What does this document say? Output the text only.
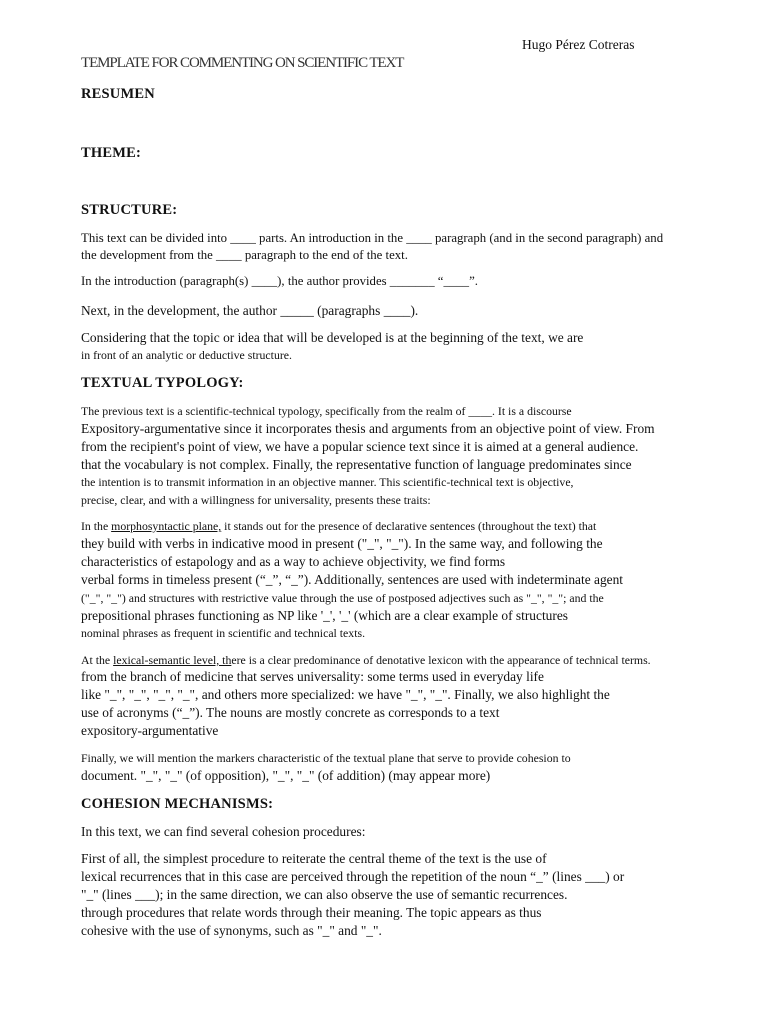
Hugo Pérez Cotreras
TEMPLATE FOR COMMENTING ON SCIENTIFIC TEXT
RESUMEN
THEME:
STRUCTURE:
This text can be divided into ____ parts. An introduction in the ____ paragraph (and in the second paragraph) and
the development from the ____ paragraph to the end of the text.
In the introduction (paragraph(s) ____), the author provides _______ “____”.
Next, in the development, the author _____ (paragraphs ____).
Considering that the topic or idea that will be developed is at the beginning of the text, we are
in front of an analytic or deductive structure.
TEXTUAL TYPOLOGY:
The previous text is a scientific-technical typology, specifically from the realm of ____. It is a discourse
Expository-argumentative since it incorporates thesis and arguments from an objective point of view. From
from the recipient's point of view, we have a popular science text since it is aimed at a general audience.
that the vocabulary is not complex. Finally, the representative function of language predominates since
the intention is to transmit information in an objective manner. This scientific-technical text is objective,
precise, clear, and with a willingness for universality, presents these traits:
In the morphosyntactic plane, it stands out for the presence of declarative sentences (throughout the text) that
they build with verbs in indicative mood in present ("_", "_"). In the same way, and following the
characteristics of estapology and as a way to achieve objectivity, we find forms
verbal forms in timeless present (“_”, “_”). Additionally, sentences are used with indeterminate agent
("_", "_") and structures with restrictive value through the use of postposed adjectives such as "_", "_"; and the
prepositional phrases functioning as NP like '_', '_' (which are a clear example of structures
nominal phrases as frequent in scientific and technical texts.
At the lexical-semantic level, there is a clear predominance of denotative lexicon with the appearance of technical terms.
from the branch of medicine that serves universality: some terms used in everyday life
like "_", "_", "_", "_", and others more specialized: we have "_", "_". Finally, we also highlight the
use of acronyms (“_”). The nouns are mostly concrete as corresponds to a text
expository-argumentative
Finally, we will mention the markers characteristic of the textual plane that serve to provide cohesion to
document. "_", "_" (of opposition), "_", "_" (of addition) (may appear more)
COHESION MECHANISMS:
In this text, we can find several cohesion procedures:
First of all, the simplest procedure to reiterate the central theme of the text is the use of
lexical recurrences that in this case are perceived through the repetition of the noun “_” (lines ___) or
"_" (lines ___); in the same direction, we can also observe the use of semantic recurrences.
through procedures that relate words through their meaning. The topic appears as thus
cohesive with the use of synonyms, such as "_" and "_".
